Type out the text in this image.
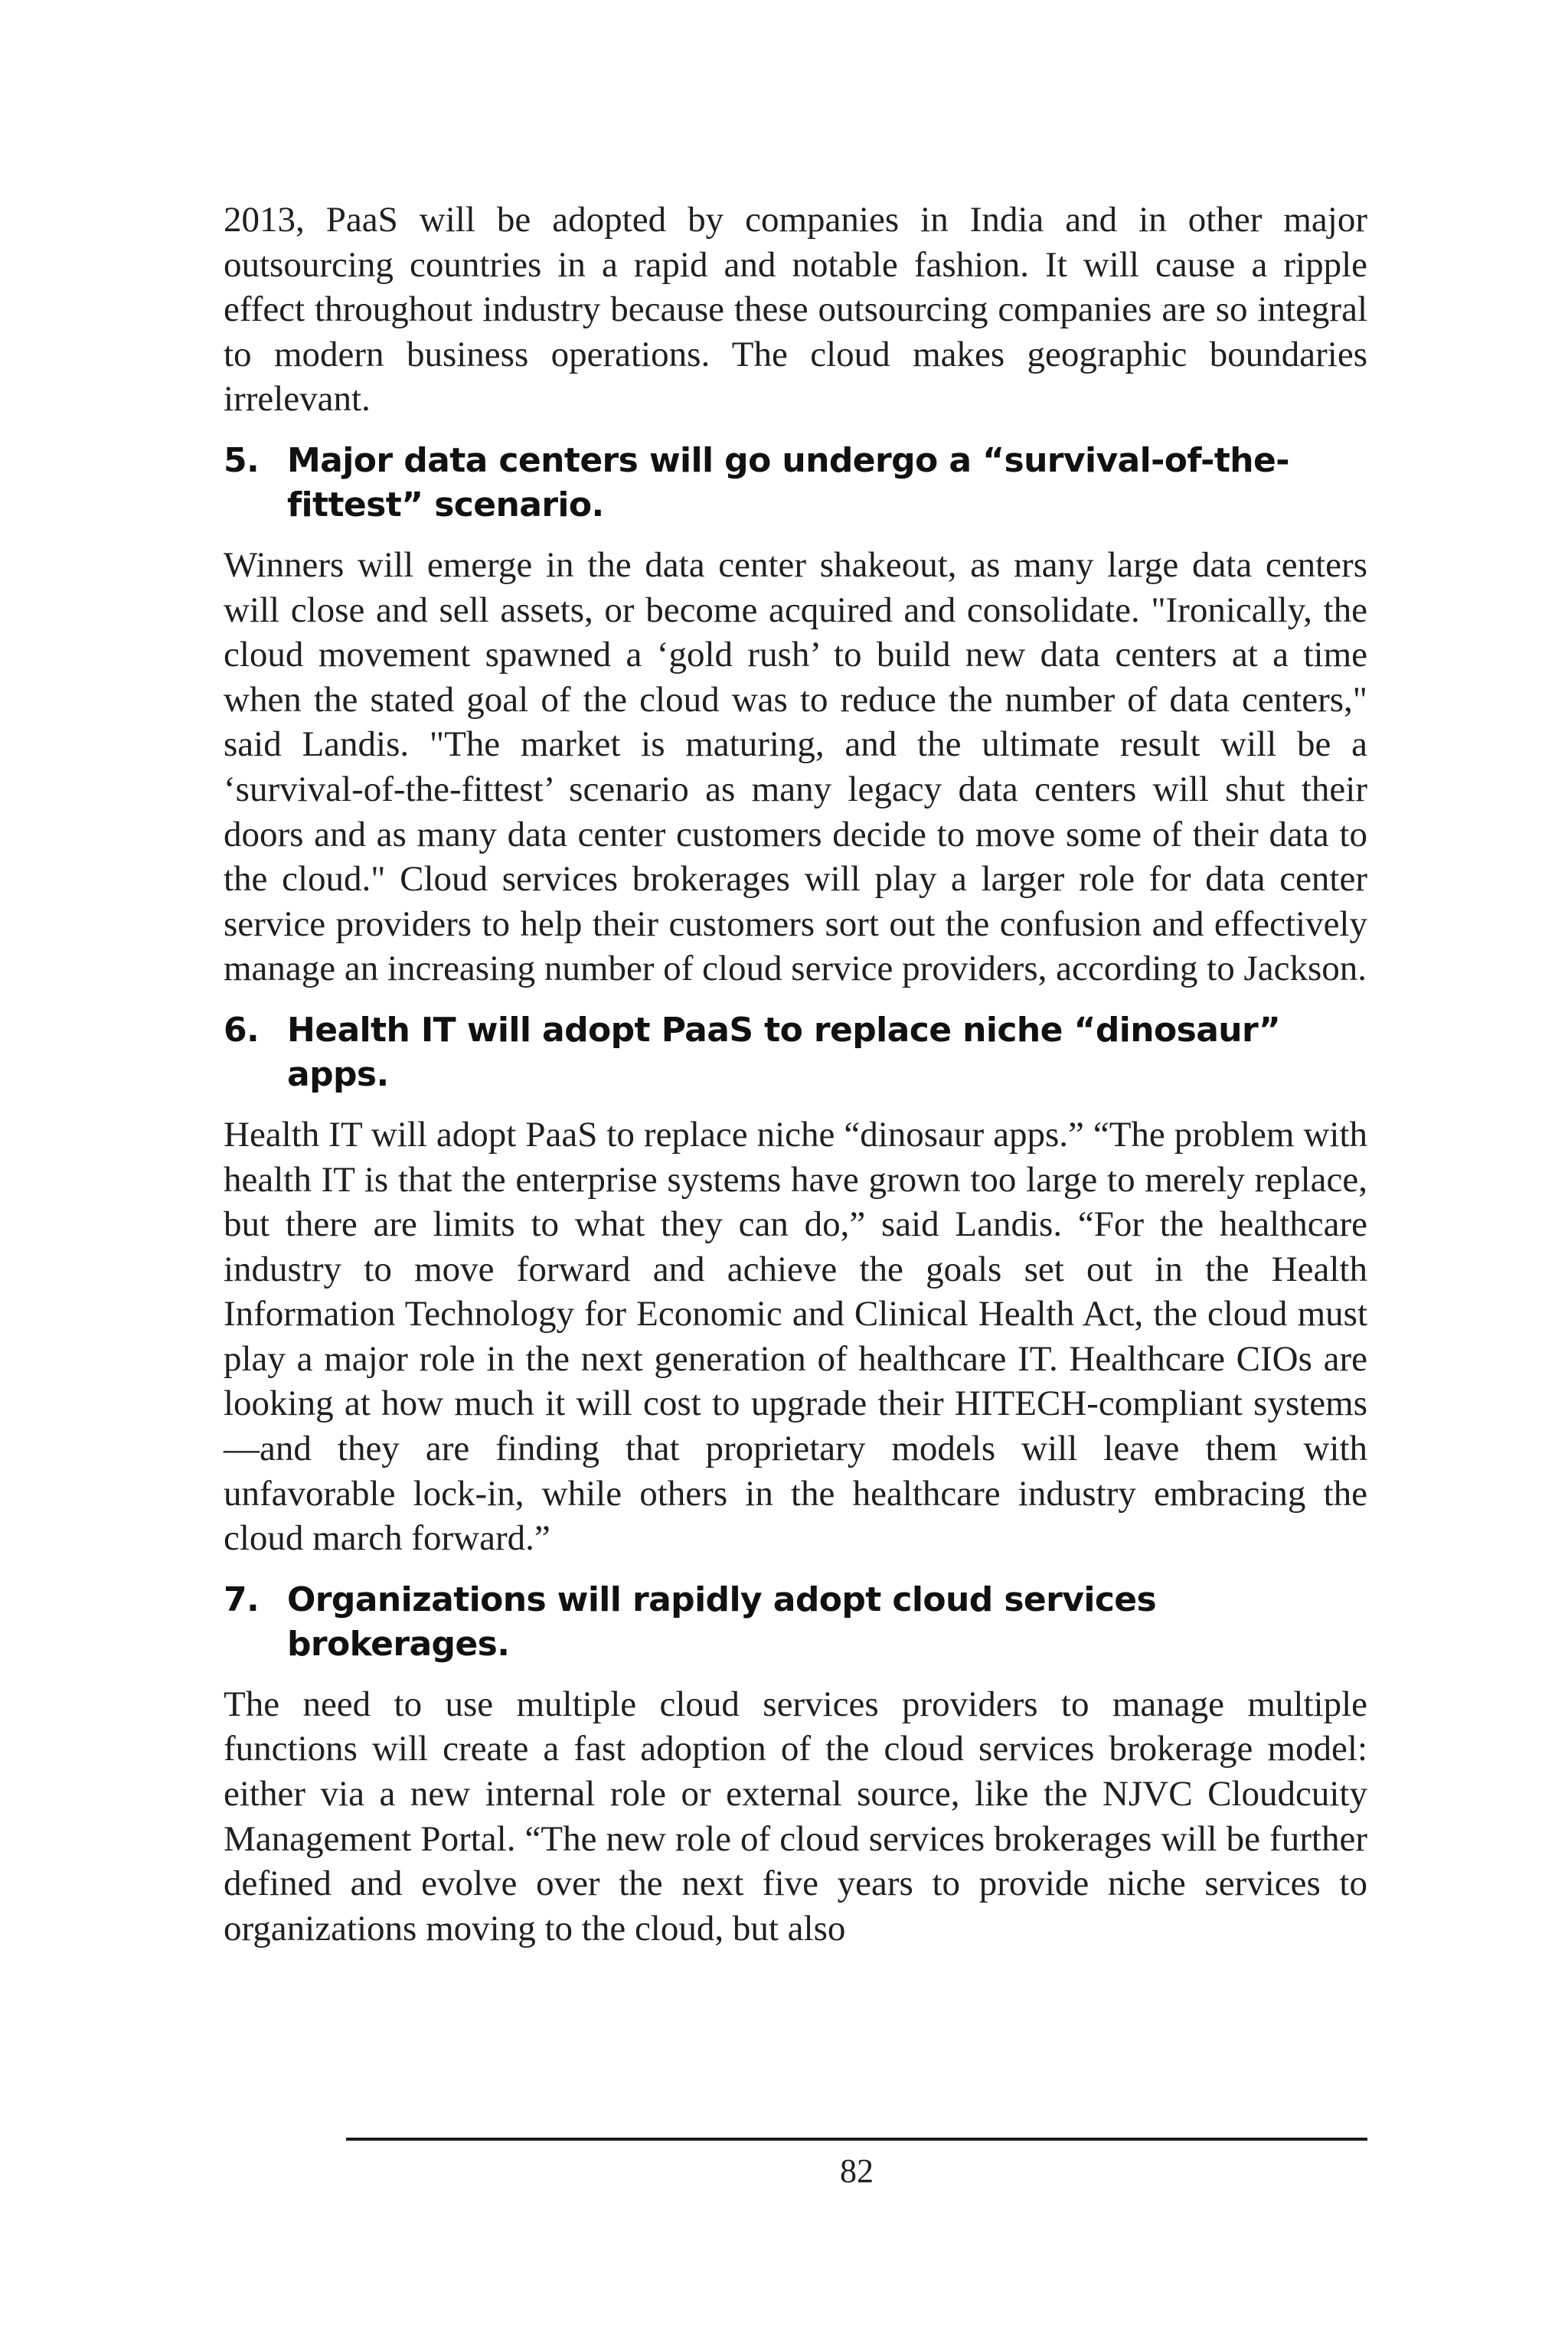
2013, PaaS will be adopted by companies in India and in other major outsourcing countries in a rapid and notable fashion. It will cause a ripple effect throughout industry because these outsourcing companies are so integral to modern business operations. The cloud makes geographic boundaries irrelevant.

5. Major data centers will go undergo a “survival-of-the-
fittest” scenario.

Winners will emerge in the data center shakeout, as many large data centers will close and sell assets, or become acquired and consolidate. "Ironically, the cloud movement spawned a ‘gold rush’ to build new data centers at a time when the stated goal of the cloud was to reduce the number of data centers," said Landis. "The market is maturing, and the ultimate result will be a ‘survival-of-the-fittest’ scenario as many legacy data centers will shut their doors and as many data center customers decide to move some of their data to the cloud." Cloud services brokerages will play a larger role for data center service providers to help their customers sort out the confusion and effectively manage an increasing number of cloud service providers, according to Jackson.

6. Health IT will adopt PaaS to replace niche “dinosaur” apps.

Health IT will adopt PaaS to replace niche “dinosaur apps.” “The problem with health IT is that the enterprise systems have grown too large to merely replace, but there are limits to what they can do,” said Landis. “For the healthcare industry to move forward and achieve the goals set out in the Health Information Technology for Economic and Clinical Health Act, the cloud must play a major role in the next generation of healthcare IT. Healthcare CIOs are looking at how much it will cost to upgrade their HITECH-compliant systems—and they are finding that proprietary models will leave them with unfavorable lock-in, while others in the healthcare industry embracing the cloud march forward.”

7. Organizations will rapidly adopt cloud services
brokerages.

The need to use multiple cloud services providers to manage multiple functions will create a fast adoption of the cloud services brokerage model: either via a new internal role or external source, like the NJVC Cloudcuity Management Portal. “The new role of cloud services brokerages will be further defined and evolve over the next five years to provide niche services to organizations moving to the cloud, but also

82
